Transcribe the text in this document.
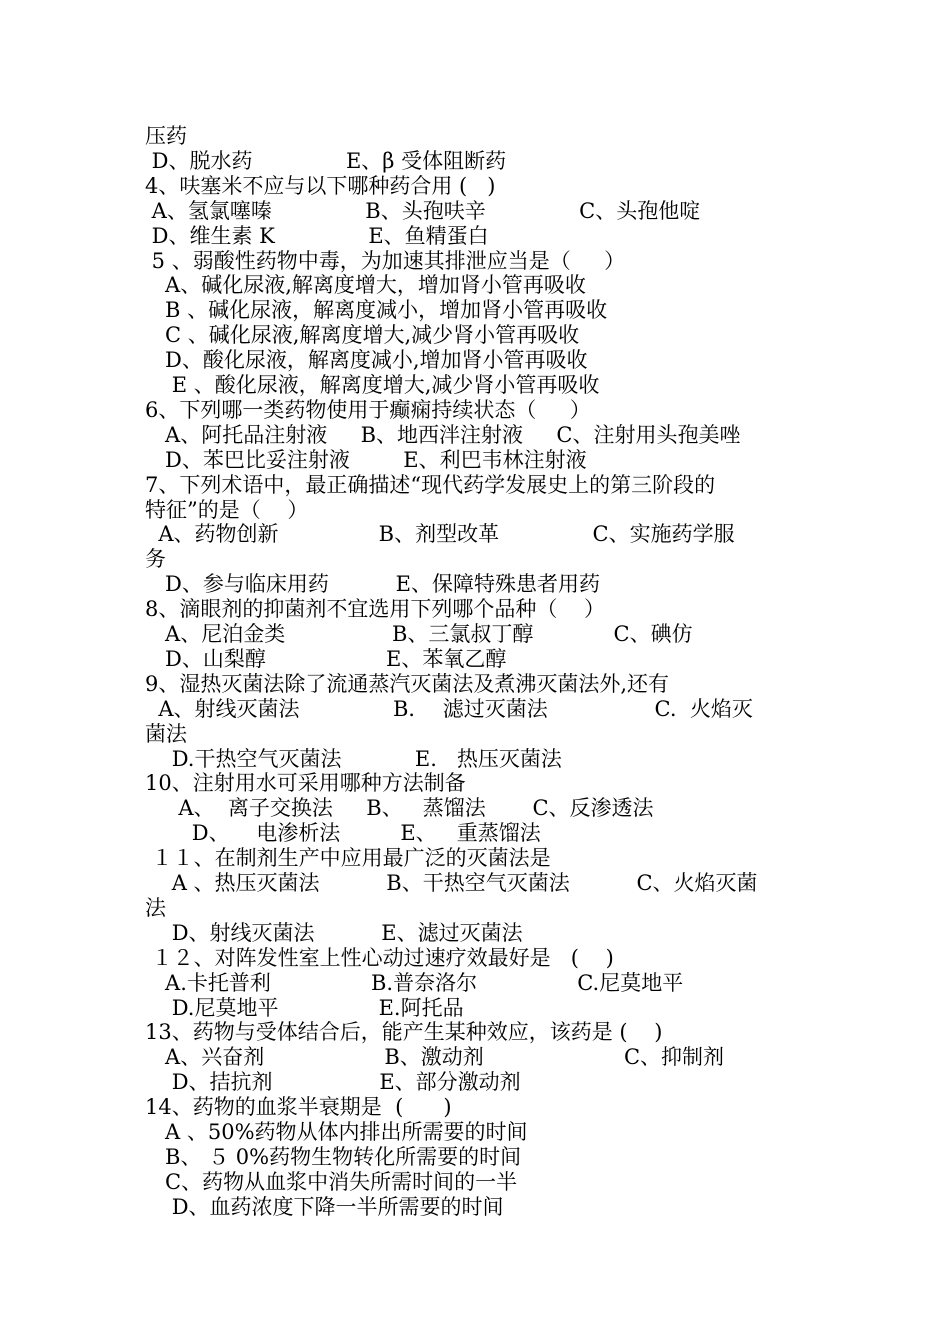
压药
D、脱水药              E、β 受体阻断药
4、呋塞米不应与以下哪种药合用 (   )
A、氢氯噻嗪              B、头孢呋辛              C、头孢他啶
D、维生素 K              E、鱼精蛋白
5 、弱酸性药物中毒，为加速其排泄应当是（     ）
A、碱化尿液,解离度增大，增加肾小管再吸收
B 、碱化尿液，解离度减小，增加肾小管再吸收
C 、碱化尿液,解离度增大,减少肾小管再吸收
D、酸化尿液，解离度减小,增加肾小管再吸收
E 、酸化尿液，解离度增大,减少肾小管再吸收
6、下列哪一类药物使用于癫痫持续状态（     ）
A、阿托品注射液     B、地西泮注射液     C、注射用头孢美唑
D、苯巴比妥注射液        E、利巴韦林注射液
7、下列术语中，最正确描述“现代药学发展史上的第三阶段的
特征”的是（    ）
A、药物创新               B、剂型改革              C、实施药学服
务
D、参与临床用药          E、保障特殊患者用药
8、滴眼剂的抑菌剂不宜选用下列哪个品种（    ）
A、尼泊金类                B、三氯叔丁醇            C、碘仿
D、山梨醇                  E、苯氧乙醇
9、湿热灭菌法除了流通蒸汽灭菌法及煮沸灭菌法外,还有
A、射线灭菌法              B．  滤过灭菌法                C.  火焰灭
菌法
D.干热空气灭菌法           E.   热压灭菌法
10、注射用水可采用哪种方法制备
A、  离子交换法     B、   蒸馏法       C、反渗透法
D、    电渗析法         E、   重蒸馏法
１１、在制剂生产中应用最广泛的灭菌法是
A 、热压灭菌法          B、干热空气灭菌法          C、火焰灭菌
法
D、射线灭菌法          E、滤过灭菌法
１２、对阵发性室上性心动过速疗效最好是   (    )
A.卡托普利               B.普奈洛尔               C.尼莫地平
D.尼莫地平               E.阿托品
13、药物与受体结合后，能产生某种效应，该药是 (    )
A、兴奋剂                  B、激动剂                     C、抑制剂
D、拮抗剂                E、部分激动剂
14、药物的血浆半衰期是  (      )
A 、50%药物从体内排出所需要的时间
B、 ５ 0%药物生物转化所需要的时间
C、药物从血浆中消失所需时间的一半
D、血药浓度下降一半所需要的时间
